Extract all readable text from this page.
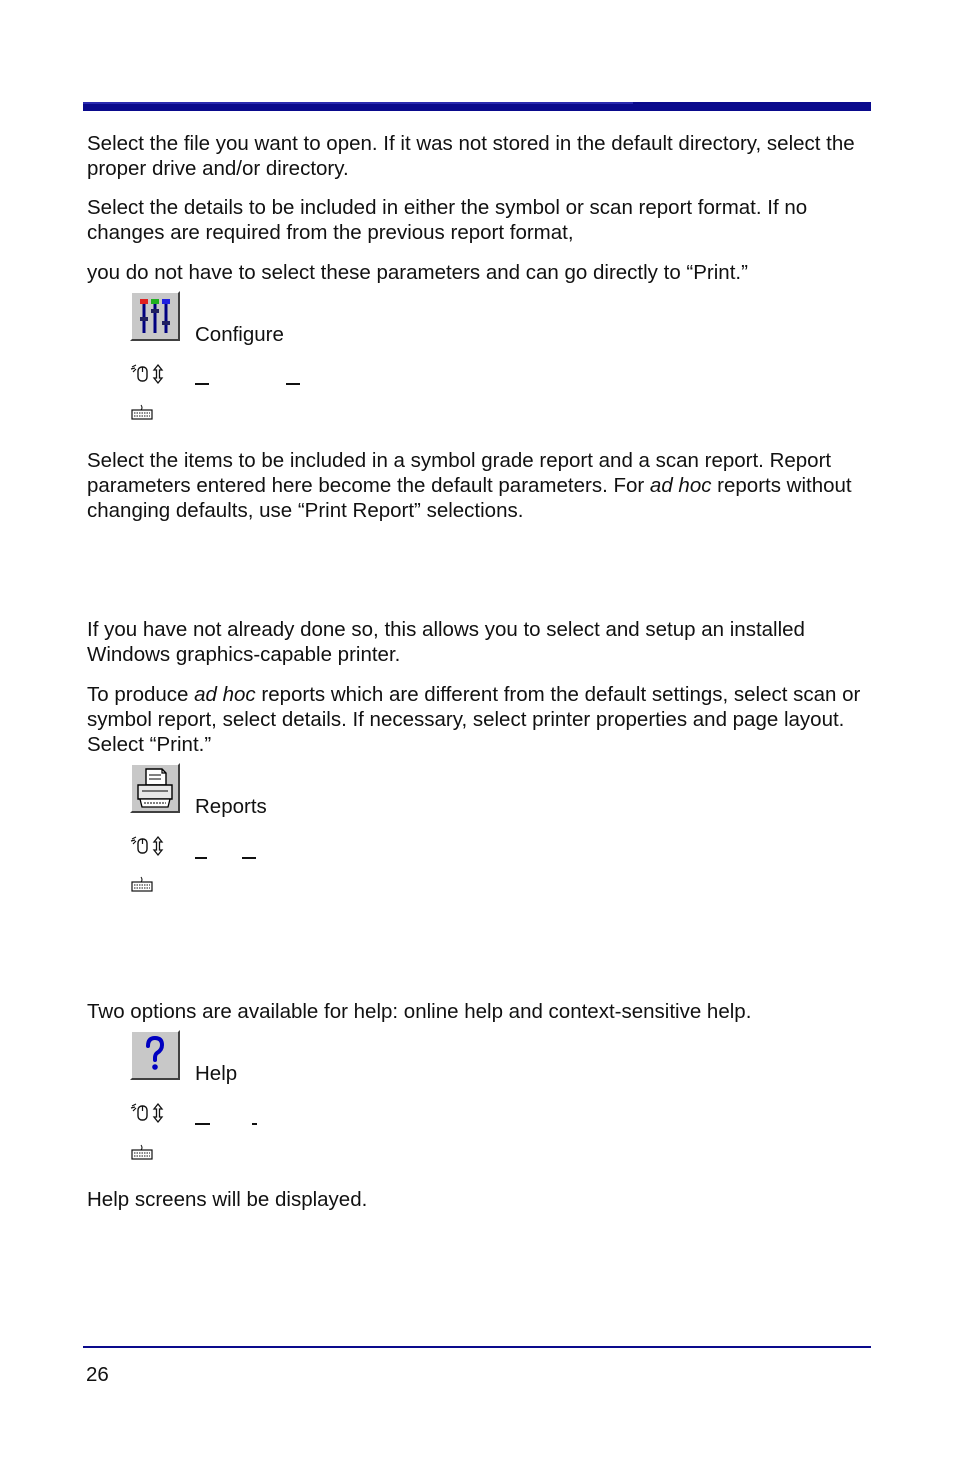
Select the file you want to open. If it was not stored in the default directory, select the proper drive and/or directory.

Select the details to be included in either the symbol or scan report format. If no changes are required from the previous report format,

you do not have to select these parameters and can go directly to “Print.”

Configure

Select the items to be included in a symbol grade report and a scan report. Report parameters entered here become the default parameters. For ad hoc reports without changing defaults, use “Print Report” selections.

If you have not already done so, this allows you to select and setup an installed Windows graphics-capable printer.

To produce ad hoc reports which are different from the default settings, select scan or symbol report, select details. If necessary, select printer properties and page layout. Select “Print.”

Reports

Two options are available for help: online help and context-sensitive help.

Help

Help screens will be displayed.

26
